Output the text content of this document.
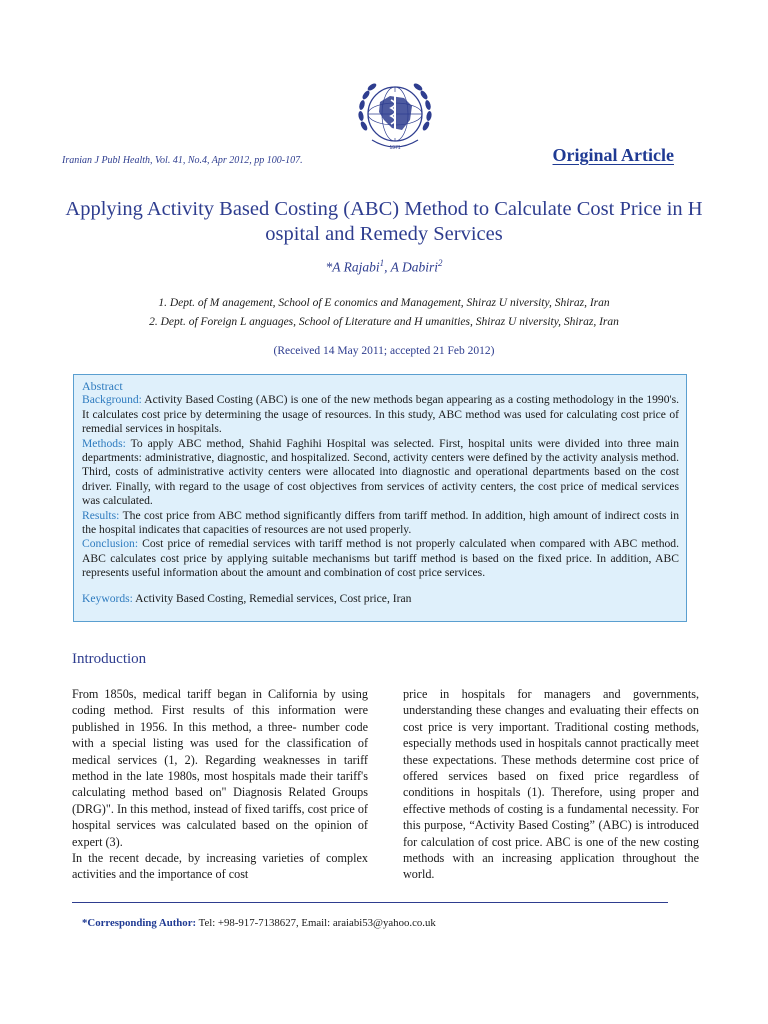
1971
Iranian J Publ Health, Vol. 41, No.4, Apr 2012, pp 100-107.	Original Article
Applying Activity Based Costing (ABC) Method to Calculate Cost Price in H ospital and Remedy Services
*A Rajabi$^1$, A Dabiri$^2$
1. Dept. of M anagement, School of E conomics and Management, Shiraz U niversity, Shiraz, Iran
2. Dept. of Foreign L anguages, School of Literature and H umanities, Shiraz U niversity, Shiraz, Iran
(Received 14 May 2011; accepted 21 Feb 2012)

Abstract

Background: Activity Based Costing (ABC) is one of the new methods began appearing as a costing methodology in the 1990's. It calculates cost price by determining the usage of resources. In this study, ABC method was used for calculating cost price of remedial services in hospitals.

Methods: To apply ABC method, Shahid Faghihi Hospital was selected. First, hospital units were divided into three main departments: administrative, diagnostic, and hospitalized. Second, activity centers were defined by the activity analysis method. Third, costs of administrative activity centers were allocated into diagnostic and operational departments based on the cost driver. Finally, with regard to the usage of cost objectives from services of activity centers, the cost price of medical services was calculated.

Results: The cost price from ABC method significantly differs from tariff method. In addition, high amount of indirect costs in the hospital indicates that capacities of resources are not used properly.

Conclusion: Cost price of remedial services with tariff method is not properly calculated when compared with ABC method. ABC calculates cost price by applying suitable mechanisms but tariff method is based on the fixed price. In addition, ABC represents useful information about the amount and combination of cost price services.

Keywords: Activity Based Costing, Remedial services, Cost price, Iran

Introduction

From 1850s, medical tariff began in California by using coding method. First results of this information were published in 1956. In this method, a three- number code with a special listing was used for the classification of medical services (1, 2). Regarding weaknesses in tariff method in the late 1980s, most hospitals made their tariff's calculating method based on" Diagnosis Related Groups (DRG)". In this method, instead of fixed tariffs, cost price of hospital services was calculated based on the opinion of expert (3).

In the recent decade, by increasing varieties of complex activities and the importance of cost

price in hospitals for managers and governments, understanding these changes and evaluating their effects on cost price is very important. Traditional costing methods, especially methods used in hospitals cannot practically meet these expectations. These methods determine cost price of offered services based on fixed price regardless of conditions in hospitals (1). Therefore, using proper and effective methods of costing is a fundamental necessity. For this purpose, “Activity Based Costing” (ABC) is introduced for calculation of cost price. ABC is one of the new costing methods with an increasing application throughout the world.

*Corresponding Author: Tel: +98-917-7138627, Email: araiabi53@yahoo.co.uk
